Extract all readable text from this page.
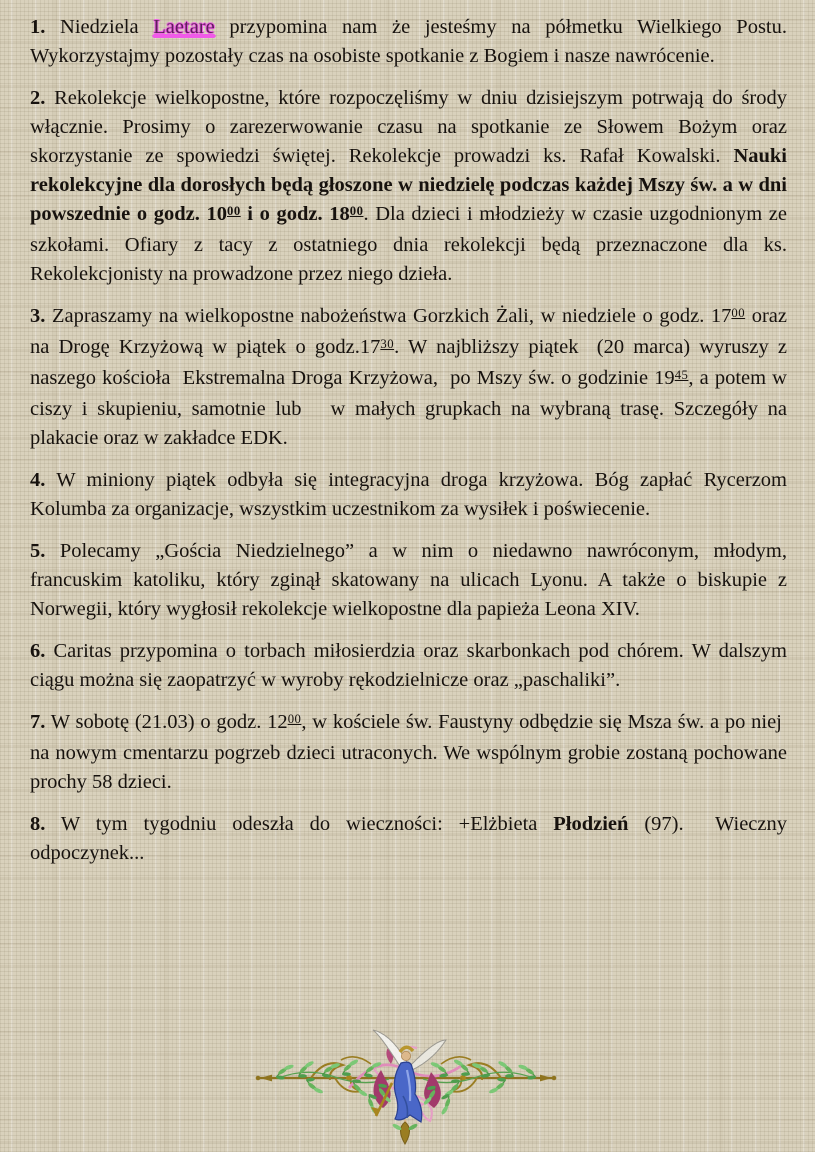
1. Niedziela Laetare przypomina nam że jesteśmy na półmetku Wielkiego Postu. Wykorzystajmy pozostały czas na osobiste spotkanie z Bogiem i nasze nawrócenie.

2. Rekolekcje wielkopostne, które rozpoczęliśmy w dniu dzisiejszym potrwają do środy włącznie. Prosimy o zarezerwowanie czasu na spotkanie ze Słowem Bożym oraz skorzystanie ze spowiedzi świętej. Rekolekcje prowadzi ks. Rafał Kowalski. Nauki rekolekcyjne dla dorosłych będą głoszone w niedzielę podczas każdej Mszy św. a w dni powszednie o godz. $10^{00}$ i o godz. $18^{00}$. Dla dzieci i młodzieży w czasie uzgodnionym ze szkołami. Ofiary z tacy z ostatniego dnia rekolekcji będą przeznaczone dla ks. Rekolekcjonisty na prowadzone przez niego dzieła.

3. Zapraszamy na wielkopostne nabożeństwa Gorzkich Żali, w niedziele o godz. $17^{00}$ oraz na Drogę Krzyżową w piątek o $godz.17^{30}$. W najbliższy piątek  (20 marca) wyruszy z naszego kościoła  Ekstremalna Droga Krzyżowa,  po Mszy św. o godzinie $19^{45}$, a potem w ciszy i skupieniu, samotnie lub   w małych grupkach na wybraną trasę. Szczegóły na plakacie oraz w zakładce EDK.

4. W miniony piątek odbyła się integracyjna droga krzyżowa. Bóg zapłać Rycerzom Kolumba za organizacje, wszystkim uczestnikom za wysiłek i poświecenie.

5. Polecamy „Gościa Niedzielnego” a w nim o niedawno nawróconym, młodym, francuskim katoliku, który zginął skatowany na ulicach Lyonu. A także o biskupie z Norwegii, który wygłosił rekolekcje wielkopostne dla papieża Leona XIV.

6. Caritas przypomina o torbach miłosierdzia oraz skarbonkach pod chórem. W dalszym ciągu można się zaopatrzyć w wyroby rękodzielnicze oraz „paschaliki”.

7. W sobotę (21.03) o godz. $12^{00}$, w kościele św. Faustyny odbędzie się Msza św. a po niej  na nowym cmentarzu pogrzeb dzieci utraconych. We wspólnym grobie zostaną pochowane prochy 58 dzieci.

8. W tym tygodniu odeszła do wieczności: +Elżbieta Płodzień (97).  Wieczny odpoczynek...
